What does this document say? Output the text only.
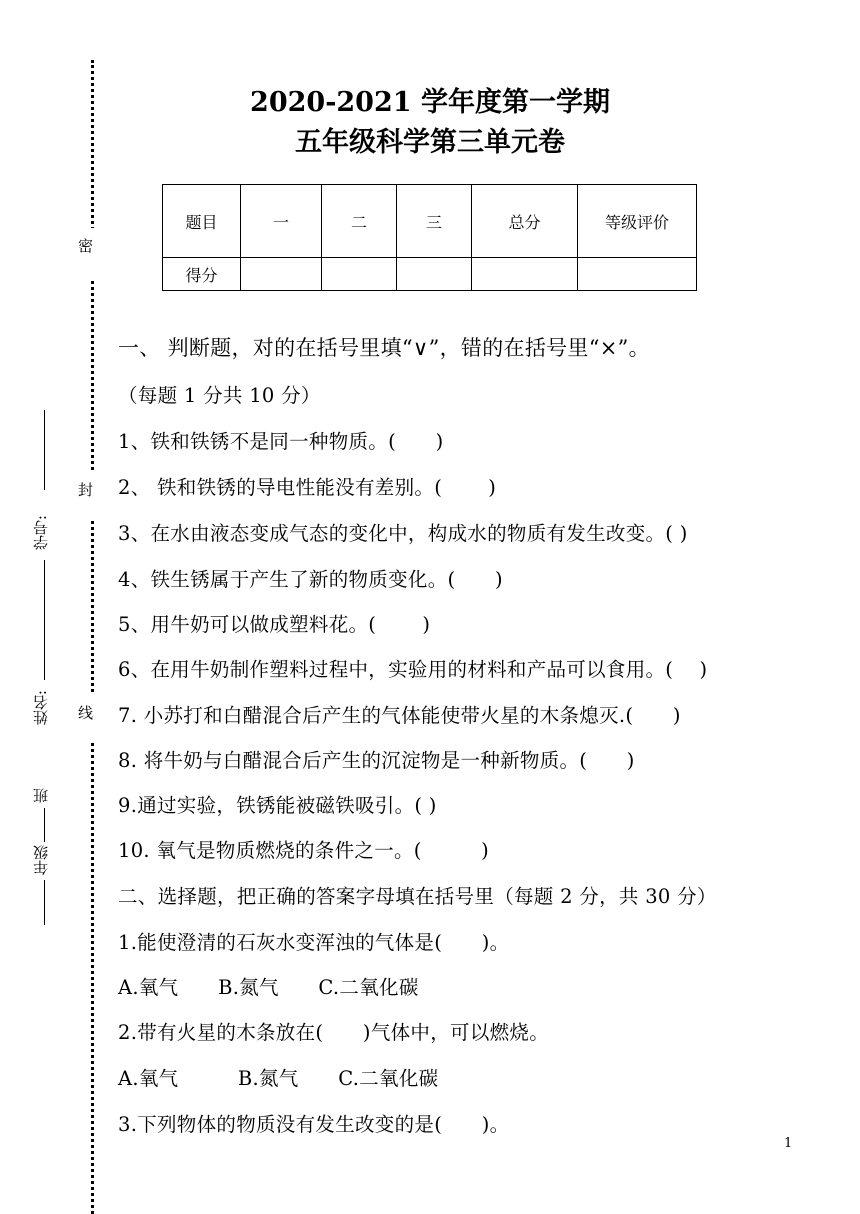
密
封
线
学号:
姓名:
班
年级
2020-2021 学年度第一学期
五年级科学第三单元卷
题目	一	二	三	总分	等级评价
得分					
一、 判断题，对的在括号里填“∨”，错的在括号里“×”。
（每题 1 分共 10 分）
1、铁和铁锈不是同一种物质。(　　)
2、 铁和铁锈的导电性能没有差别。(　　 )
3、在水由液态变成气态的变化中，构成水的物质有发生改变。( )
4、铁生锈属于产生了新的物质变化。(　　)
5、用牛奶可以做成塑料花。(　　 )
6、在用牛奶制作塑料过程中，实验用的材料和产品可以食用。(　 )
7. 小苏打和白醋混合后产生的气体能使带火星的木条熄灭.(　　)
8. 将牛奶与白醋混合后产生的沉淀物是一种新物质。(　　)
9.通过实验，铁锈能被磁铁吸引。( )
10. 氧气是物质燃烧的条件之一。(　　　)
二、选择题，把正确的答案字母填在括号里（每题 2 分，共 30 分）
1.能使澄清的石灰水变浑浊的气体是(　　)。
A.氧气　　B.氮气　　C.二氧化碳
2.带有火星的木条放在(　　)气体中，可以燃烧。
A.氧气　　　B.氮气　　C.二氧化碳
3.下列物体的物质没有发生改变的是(　　)。
1
